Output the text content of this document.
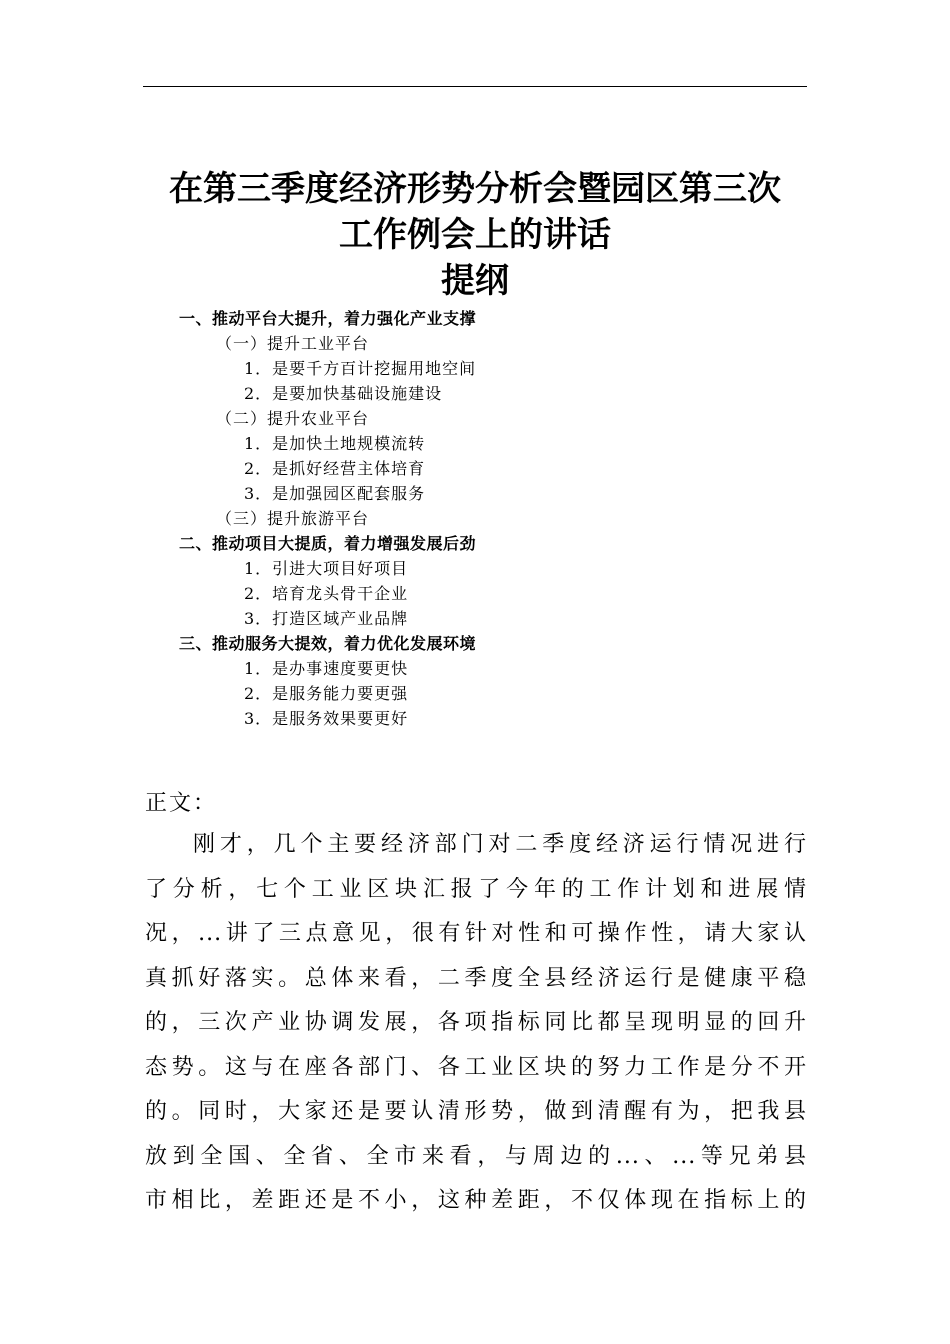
在第三季度经济形势分析会暨园区第三次
工作例会上的讲话
提纲
一、推动平台大提升，着力强化产业支撑
（一）提升工业平台
1．是要千方百计挖掘用地空间
2．是要加快基础设施建设
（二）提升农业平台
1．是加快土地规模流转
2．是抓好经营主体培育
3．是加强园区配套服务
（三）提升旅游平台
二、推动项目大提质，着力增强发展后劲
1．引进大项目好项目
2．培育龙头骨干企业
3．打造区域产业品牌
三、推动服务大提效，着力优化发展环境
1．是办事速度要更快
2．是服务能力要更强
3．是服务效果要更好
正文：
刚才，几个主要经济部门对二季度经济运行情况进行
了分析，七个工业区块汇报了今年的工作计划和进展情
况，...讲了三点意见，很有针对性和可操作性，请大家认
真抓好落实。总体来看，二季度全县经济运行是健康平稳
的，三次产业协调发展，各项指标同比都呈现明显的回升
态势。这与在座各部门、各工业区块的努力工作是分不开
的。同时，大家还是要认清形势，做到清醒有为，把我县
放到全国、全省、全市来看，与周边的...、...等兄弟县
市相比，差距还是不小，这种差距，不仅体现在指标上的
